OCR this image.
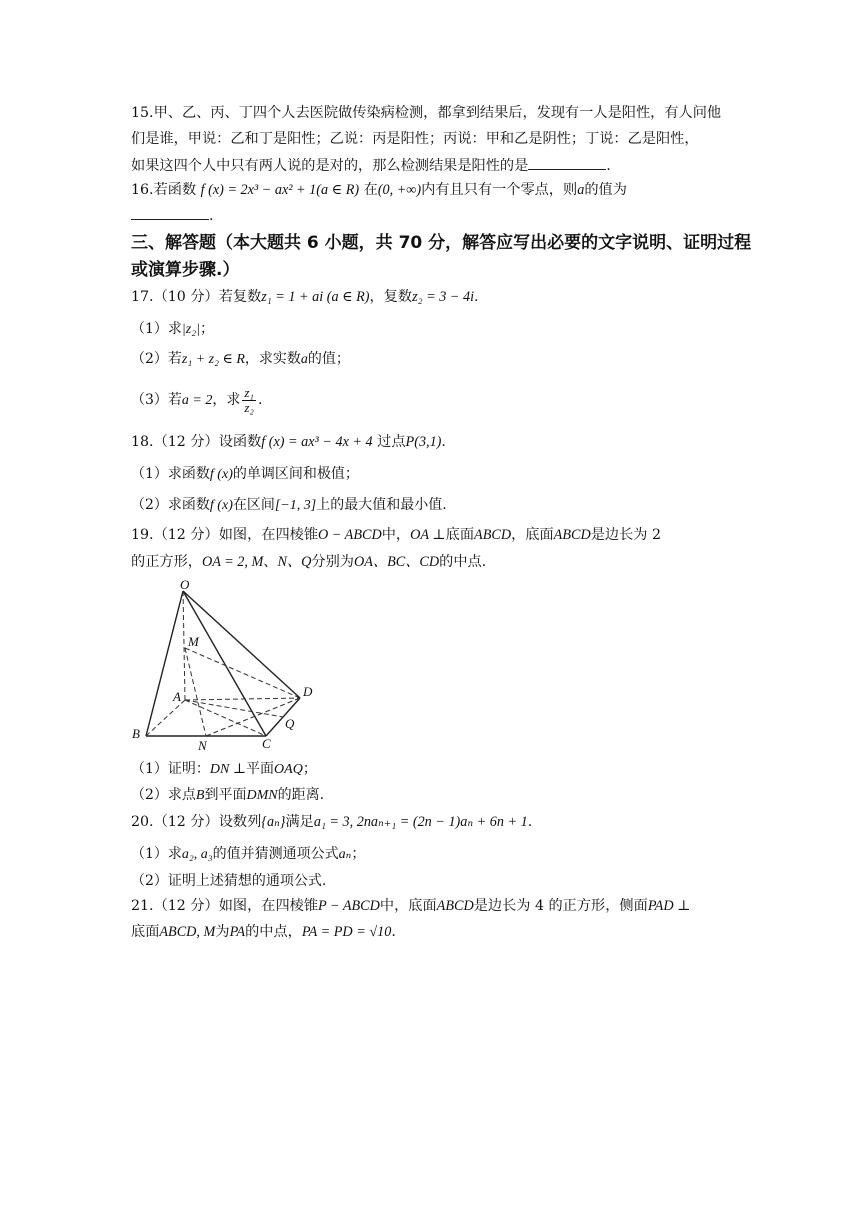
15.甲、乙、丙、丁四个人去医院做传染病检测，都拿到结果后，发现有一人是阳性，有人问他
们是谁，甲说：乙和丁是阳性；乙说：丙是阳性；丙说：甲和乙是阴性；丁说：乙是阳性，
如果这四个人中只有两人说的是对的，那么检测结果是阳性的是	.
16.若函数 f (x) = 2x³ − ax² + 1(a ∈ R) 在(0, +∞)内有且只有一个零点，则a的值为
.
三、解答题（本大题共 6 小题，共 70 分，解答应写出必要的文字说明、证明过程
或演算步骤.）
17.（10 分）若复数z₁ = 1 + ai (a ∈ R)，复数z₂ = 3 − 4i.
（1）求|z₂|；
（2）若z₁ + z₂ ∈ R，求实数a的值；
（3）若a = 2，求 $\frac{\text{z₁}}{\text{z₂}}$ .
18.（12 分）设函数f (x) = ax³ − 4x + 4 过点P(3,1).
（1）求函数f (x)的单调区间和极值；
（2）求函数f (x)在区间[−1, 3]上的最大值和最小值.
19.（12 分）如图，在四棱锥O − ABCD中，OA ⊥底面ABCD，底面ABCD是边长为 2
的正方形，OA = 2, M、N、Q分别为OA、BC、CD的中点.
O
M
A	D
B
N	C
Q
（1）证明：DN ⊥平面OAQ；
（2）求点B到平面DMN的距离.
20.（12 分）设数列{aₙ}满足a₁ = 3, 2naₙ₊₁ = (2n − 1)aₙ + 6n + 1.
（1）求a₂, a₃的值并猜测通项公式aₙ；
（2）证明上述猜想的通项公式.
21.（12 分）如图，在四棱锥P − ABCD中，底面ABCD是边长为 4 的正方形，侧面PAD ⊥
底面ABCD, M为PA的中点，PA = PD = √10.
